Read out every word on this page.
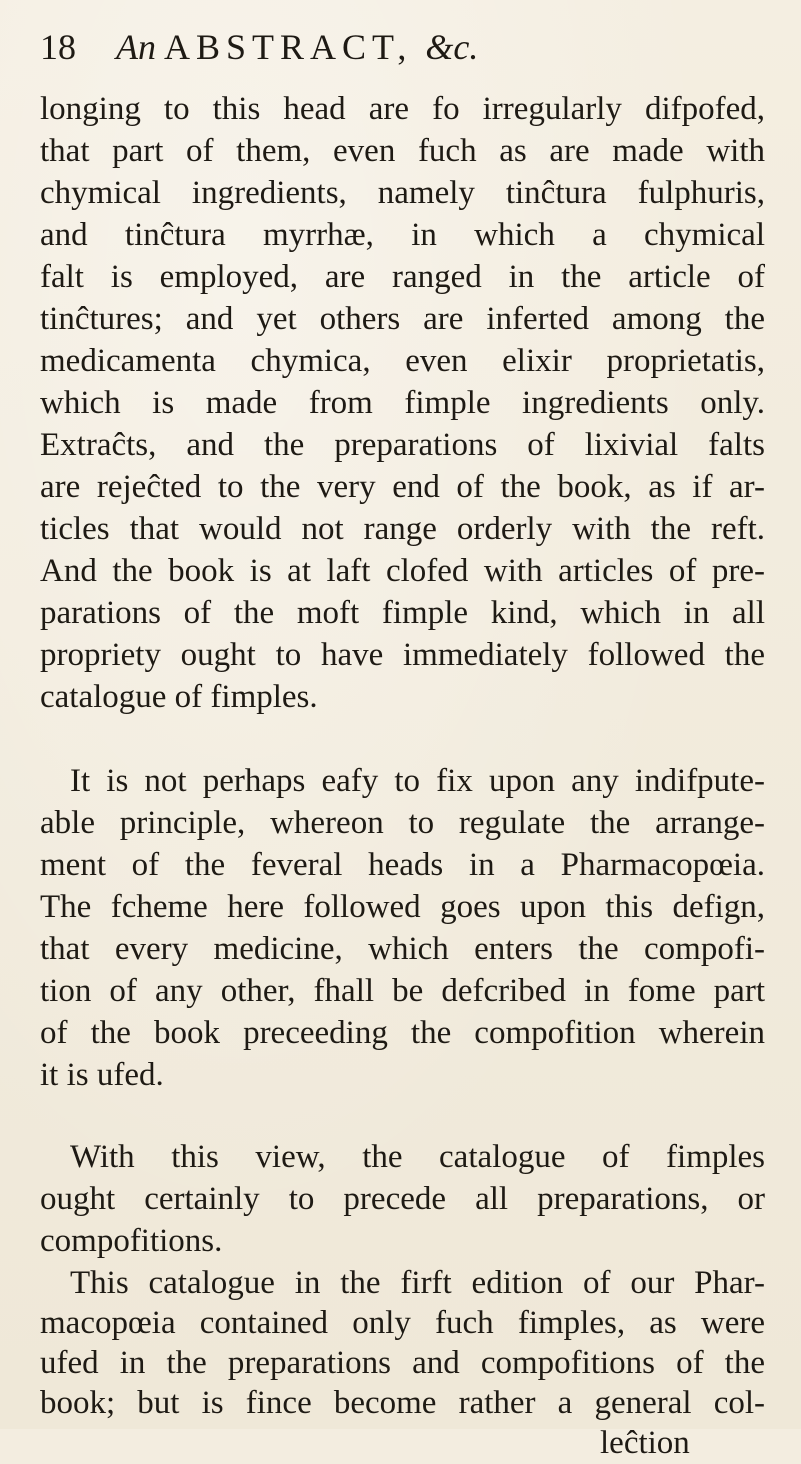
18 An ABSTRACT, &c.
longing to this head are fo irregularly difpofed,
that part of them, even fuch as are made with
chymical ingredients, namely tinĉtura fulphuris,
and tinĉtura myrrhæ, in which a chymical
falt is employed, are ranged in the article of
tinĉtures; and yet others are inferted among the
medicamenta chymica, even elixir proprietatis,
which is made from fimple ingredients only.
Extraĉts, and the preparations of lixivial falts
are rejeĉted to the very end of the book, as if ar-
ticles that would not range orderly with the reft.
And the book is at laft clofed with articles of pre-
parations of the moft fimple kind, which in all
propriety ought to have immediately followed the
catalogue of fimples.
It is not perhaps eafy to fix upon any indifpute-
able principle, whereon to regulate the arrange-
ment of the feveral heads in a Pharmacopœia.
The fcheme here followed goes upon this defign,
that every medicine, which enters the compofi-
tion of any other, fhall be defcribed in fome part
of the book preceeding the compofition wherein
it is ufed.
With this view, the catalogue of fimples
ought certainly to precede all preparations, or
compofitions.
This catalogue in the firft edition of our Phar-
macopœia contained only fuch fimples, as were
ufed in the preparations and compofitions of the
book; but is fince become rather a general col-
leĉtion
